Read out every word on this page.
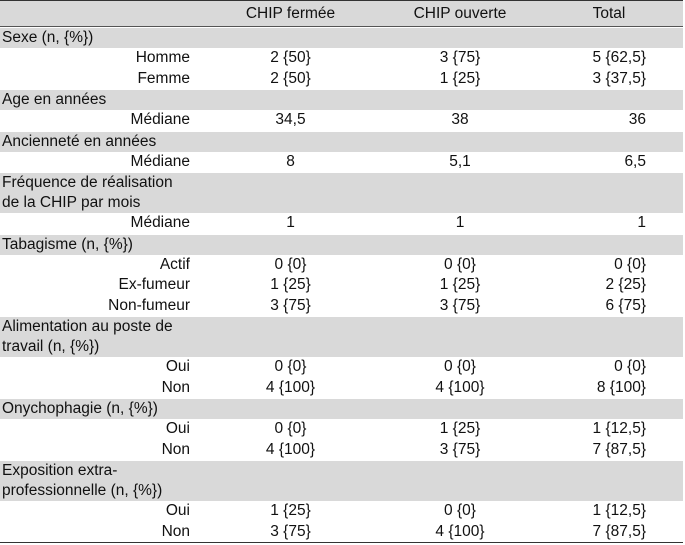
CHIP fermée	CHIP ouverte	Total
Sexe (n, {%})
Homme	2 {50}	3 {75}	5 {62,5}
Femme	2 {50}	1 {25}	3 {37,5}
Age en années
Médiane	34,5	38	36
Ancienneté en années
Médiane	8	5,1	6,5
Fréquence de réalisation
de la CHIP par mois
Médiane	1	1	1
Tabagisme (n, {%})
Actif	0 {0}	0 {0}	0 {0}
Ex-fumeur	1 {25}	1 {25}	2 {25}
Non-fumeur	3 {75}	3 {75}	6 {75}
Alimentation au poste de
travail (n, {%})
Oui	0 {0}	0 {0}	0 {0}
Non	4 {100}	4 {100}	8 {100}
Onychophagie (n, {%})
Oui	0 {0}	1 {25}	1 {12,5}
Non	4 {100}	3 {75}	7 {87,5}
Exposition extra-
professionnelle (n, {%})
Oui	1 {25}	0 {0}	1 {12,5}
Non	3 {75}	4 {100}	7 {87,5}
